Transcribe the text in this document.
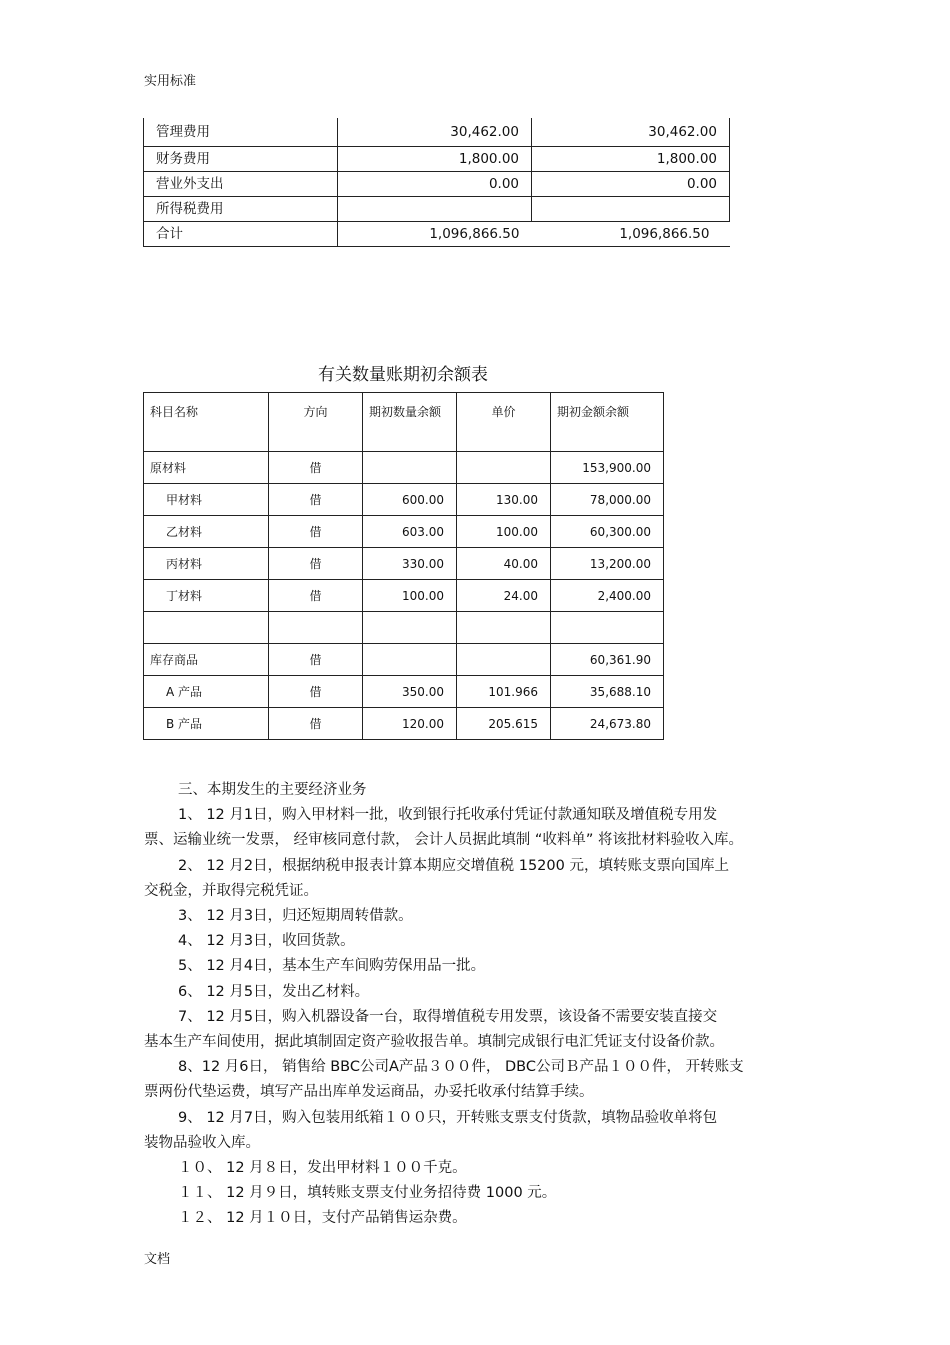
实用标准
管理费用	30,462.00	30,462.00
财务费用	1,800.00	1,800.00
营业外支出	0.00	0.00
所得税费用		
合计	1,096,866.50	1,096,866.50
有关数量账期初余额表
科目名称	方向	期初数量余额	单价	期初金额余额
原材料	借			153,900.00
甲材料	借	600.00	130.00	78,000.00
乙材料	借	603.00	100.00	60,300.00
丙材料	借	330.00	40.00	13,200.00
丁材料	借	100.00	24.00	2,400.00

库存商品	借			60,361.90
A 产品	借	350.00	101.966	35,688.10
B 产品	借	120.00	205.615	24,673.80

三、本期发生的主要经济业务

1、 12 月1日，购入甲材料一批，收到银行托收承付凭证付款通知联及增值税专用发

票、运输业统一发票， 经审核同意付款， 会计人员据此填制 “收料单” 将该批材料验收入库。

2、 12 月2日，根据纳税申报表计算本期应交增值税 15200 元，填转账支票向国库上

交税金，并取得完税凭证。

3、 12 月3日，归还短期周转借款。

4、 12 月3日，收回货款。

5、 12 月4日，基本生产车间购劳保用品一批。

6、 12 月5日，发出乙材料。

7、 12 月5日，购入机器设备一台，取得增值税专用发票，该设备不需要安装直接交

基本生产车间使用，据此填制固定资产验收报告单。填制完成银行电汇凭证支付设备价款。

8、12 月6日， 销售给 BBC公司A产品３００件， DBC公司Ｂ产品１００件， 开转账支

票两份代垫运费，填写产品出库单发运商品，办妥托收承付结算手续。

9、 12 月7日，购入包装用纸箱１００只，开转账支票支付货款，填物品验收单将包

装物品验收入库。

１０、 12 月８日，发出甲材料１００千克。

１１、 12 月９日，填转账支票支付业务招待费 1000 元。

１２、 12 月１０日，支付产品销售运杂费。

文档
